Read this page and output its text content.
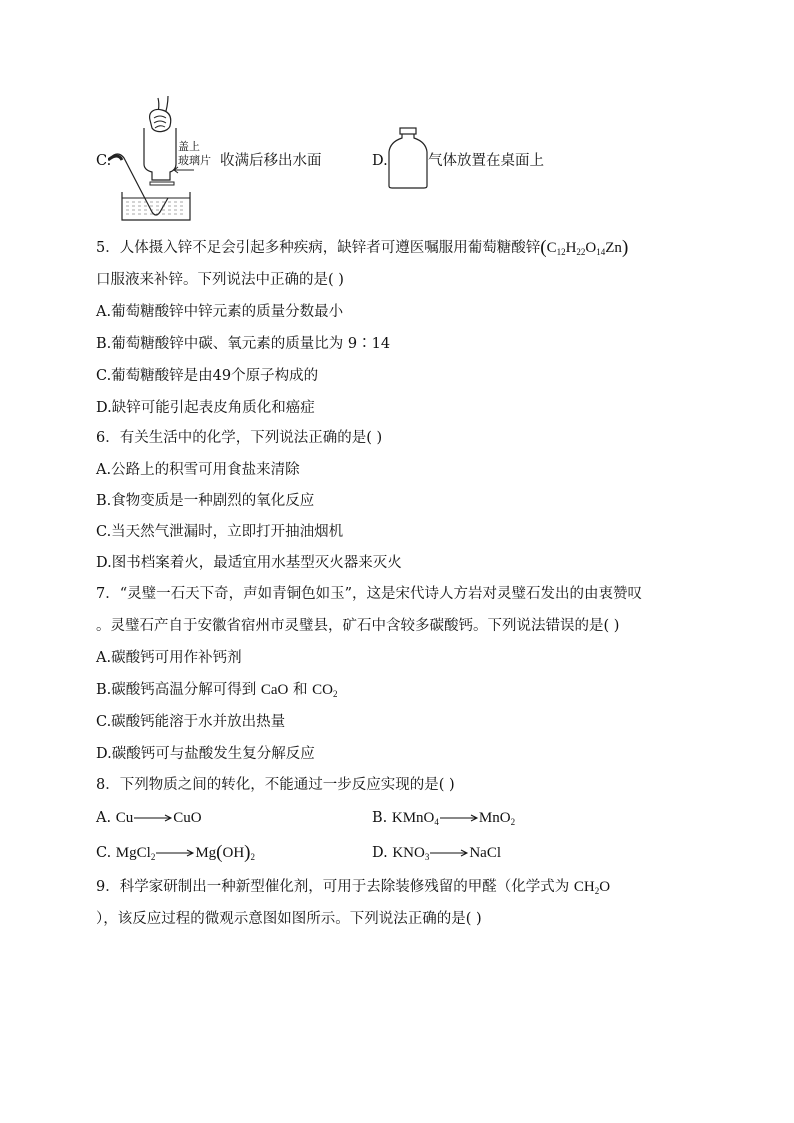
C.
盖上
玻璃片 收满后移出水面	D.	气体放置在桌面上
5．人体摄入锌不足会引起多种疾病，缺锌者可遵医嘱服用葡萄糖酸锌$(C_{12}H_{22}O_{14}Zn)$
口服液来补锌。下列说法中正确的是( )
A.葡萄糖酸锌中锌元素的质量分数最小
B.葡萄糖酸锌中碳、氧元素的质量比为 9∶14
C.葡萄糖酸锌是由49个原子构成的
D.缺锌可能引起表皮角质化和癌症
6．有关生活中的化学，下列说法正确的是( )
A.公路上的积雪可用食盐来清除
B.食物变质是一种剧烈的氧化反应
C.当天然气泄漏时，立即打开抽油烟机
D.图书档案着火，最适宜用水基型灭火器来灭火
7．“灵璧一石天下奇，声如青铜色如玉”，这是宋代诗人方岩对灵璧石发出的由衷赞叹
。灵璧石产自于安徽省宿州市灵璧县，矿石中含较多碳酸钙。下列说法错误的是( )
A.碳酸钙可用作补钙剂
B.碳酸钙高温分解可得到 CaO 和 $CO_2$
C.碳酸钙能溶于水并放出热量
D.碳酸钙可与盐酸发生复分解反应
8．下列物质之间的转化，不能通过一步反应实现的是( )
A. Cu→CuO	B. KMnO$_4$→MnO$_2$
C. $MgCl_2\to Mg(OH)_2$	D. $KNO_3\to NaCl$
9．科学家研制出一种新型催化剂，可用于去除装修残留的甲醛（化学式为 $CH_2O$
），该反应过程的微观示意图如图所示。下列说法正确的是( )
